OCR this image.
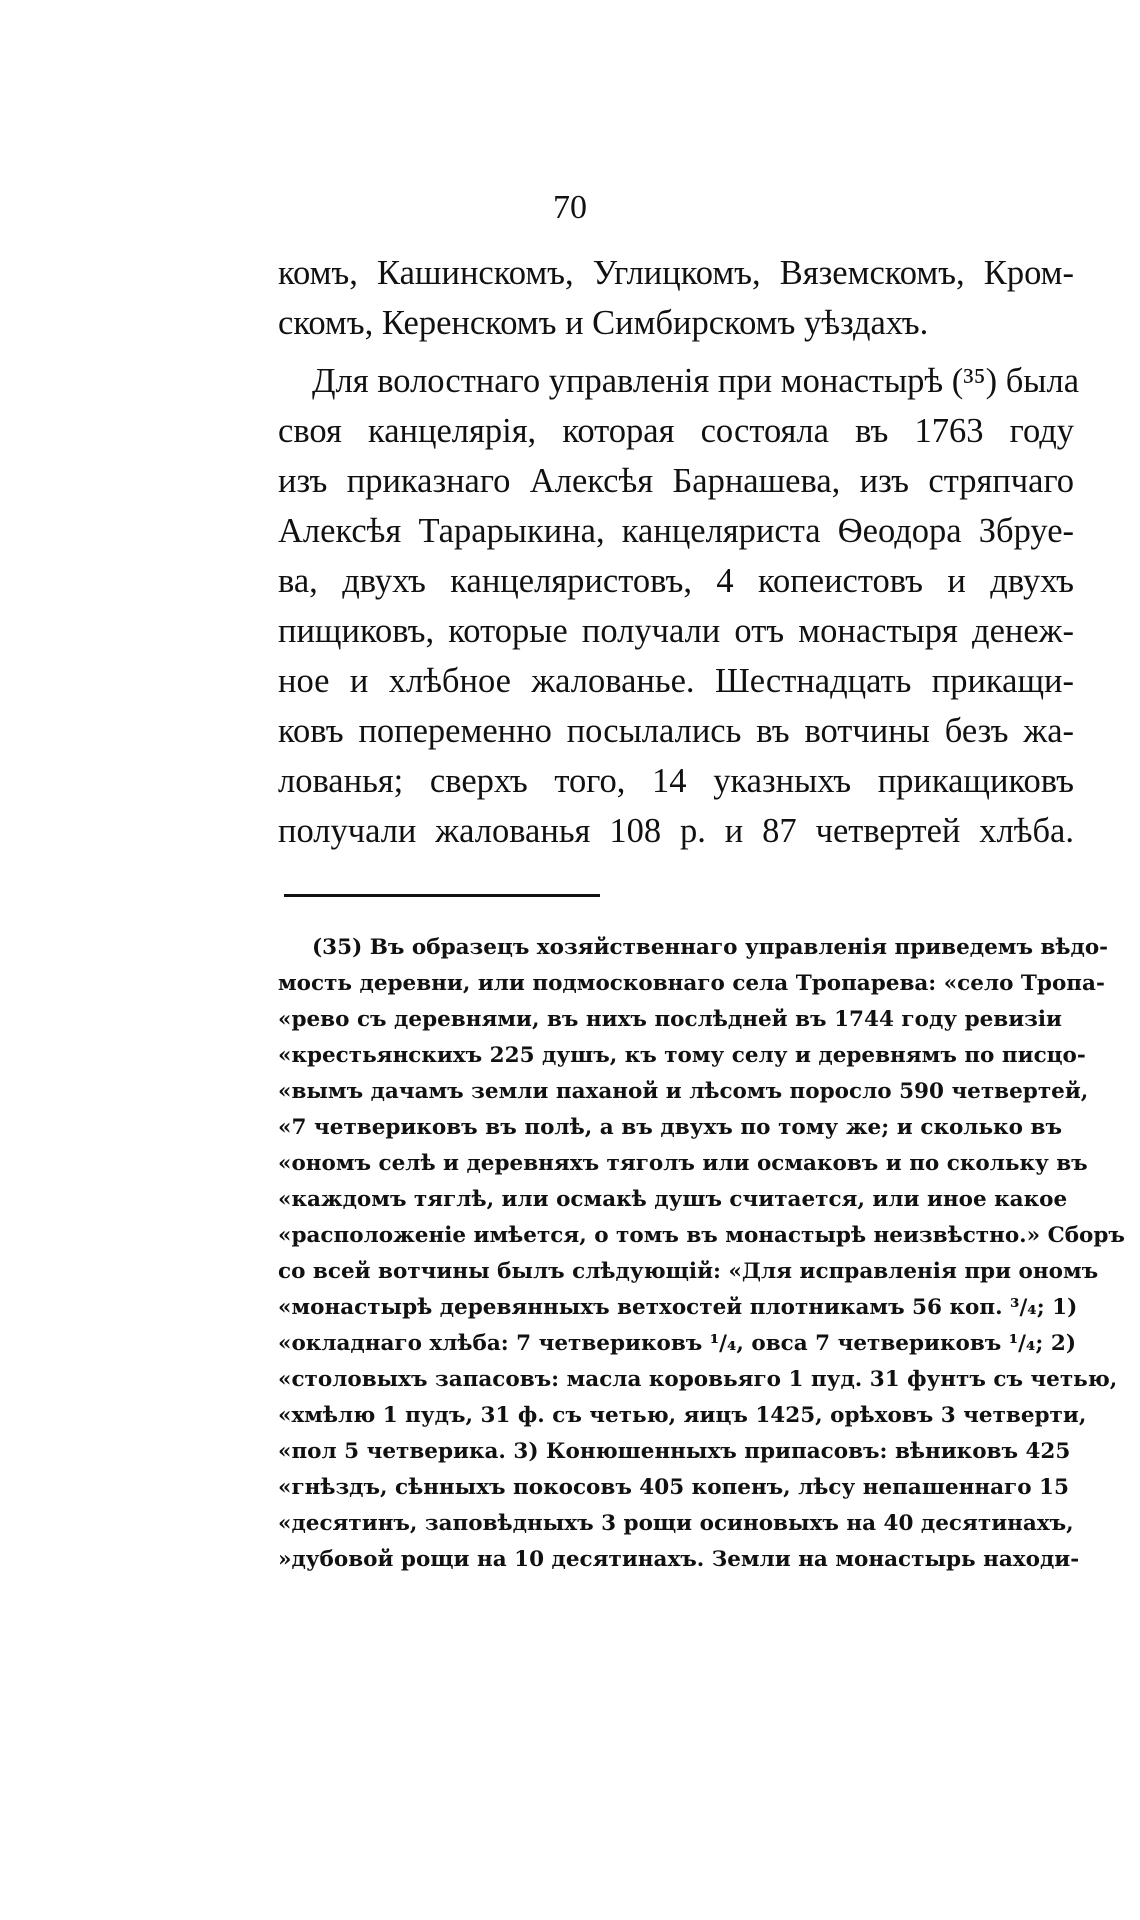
70
комъ, Кашинскомъ, Углицкомъ, Вяземскомъ, Кром-
скомъ, Керенскомъ и Симбирскомъ уѣздахъ.
Для волостнаго управленія при монастырѣ (³⁵) была
своя канцелярія, которая состояла въ 1763 году
изъ приказнаго Алексѣя Барнашева, изъ стряпчаго
Алексѣя Тарарыкина, канцеляриста Ѳеодора Збруе-
ва, двухъ канцеляристовъ, 4 копеистовъ и двухъ
пищиковъ, которые получали отъ монастыря денеж-
ное и хлѣбное жалованье. Шестнадцать прикащи-
ковъ попеременно посылались въ вотчины безъ жа-
лованья; сверхъ того, 14 указныхъ прикащиковъ
получали жалованья 108 р. и 87 четвертей хлѣба.
(35) Въ образецъ хозяйственнаго управленія приведемъ вѣдо-
мость деревни, или подмосковнаго села Тропарева: «село Тропа-
«рево съ деревнями, въ нихъ послѣдней въ 1744 году ревизіи
«крестьянскихъ 225 душъ, къ тому селу и деревнямъ по писцо-
«вымъ дачамъ земли паханой и лѣсомъ поросло 590 четвертей,
«7 четвериковъ въ полѣ, а въ двухъ по тому же; и сколько въ
«ономъ селѣ и деревняхъ тяголъ или осмаковъ и по скольку въ
«каждомъ тяглѣ, или осмакѣ душъ считается, или иное какое
«расположеніе имѣется, о томъ въ монастырѣ неизвѣстно.» Сборъ
со всей вотчины былъ слѣдующій: «Для исправленія при ономъ
«монастырѣ деревянныхъ ветхостей плотникамъ 56 коп. ³/₄; 1)
«окладнаго хлѣба: 7 четвериковъ ¹/₄, овса 7 четвериковъ ¹/₄; 2)
«столовыхъ запасовъ: масла коровьяго 1 пуд. 31 фунтъ съ четью,
«хмѣлю 1 пудъ, 31 ф. съ четью, яицъ 1425, орѣховъ 3 четверти,
«пол 5 четверика. 3) Конюшенныхъ припасовъ: вѣниковъ 425
«гнѣздъ, сѣнныхъ покосовъ 405 копенъ, лѣсу непашеннаго 15
«десятинъ, заповѣдныхъ 3 рощи осиновыхъ на 40 десятинахъ,
»дубовой рощи на 10 десятинахъ. Земли на монастырь находи-
